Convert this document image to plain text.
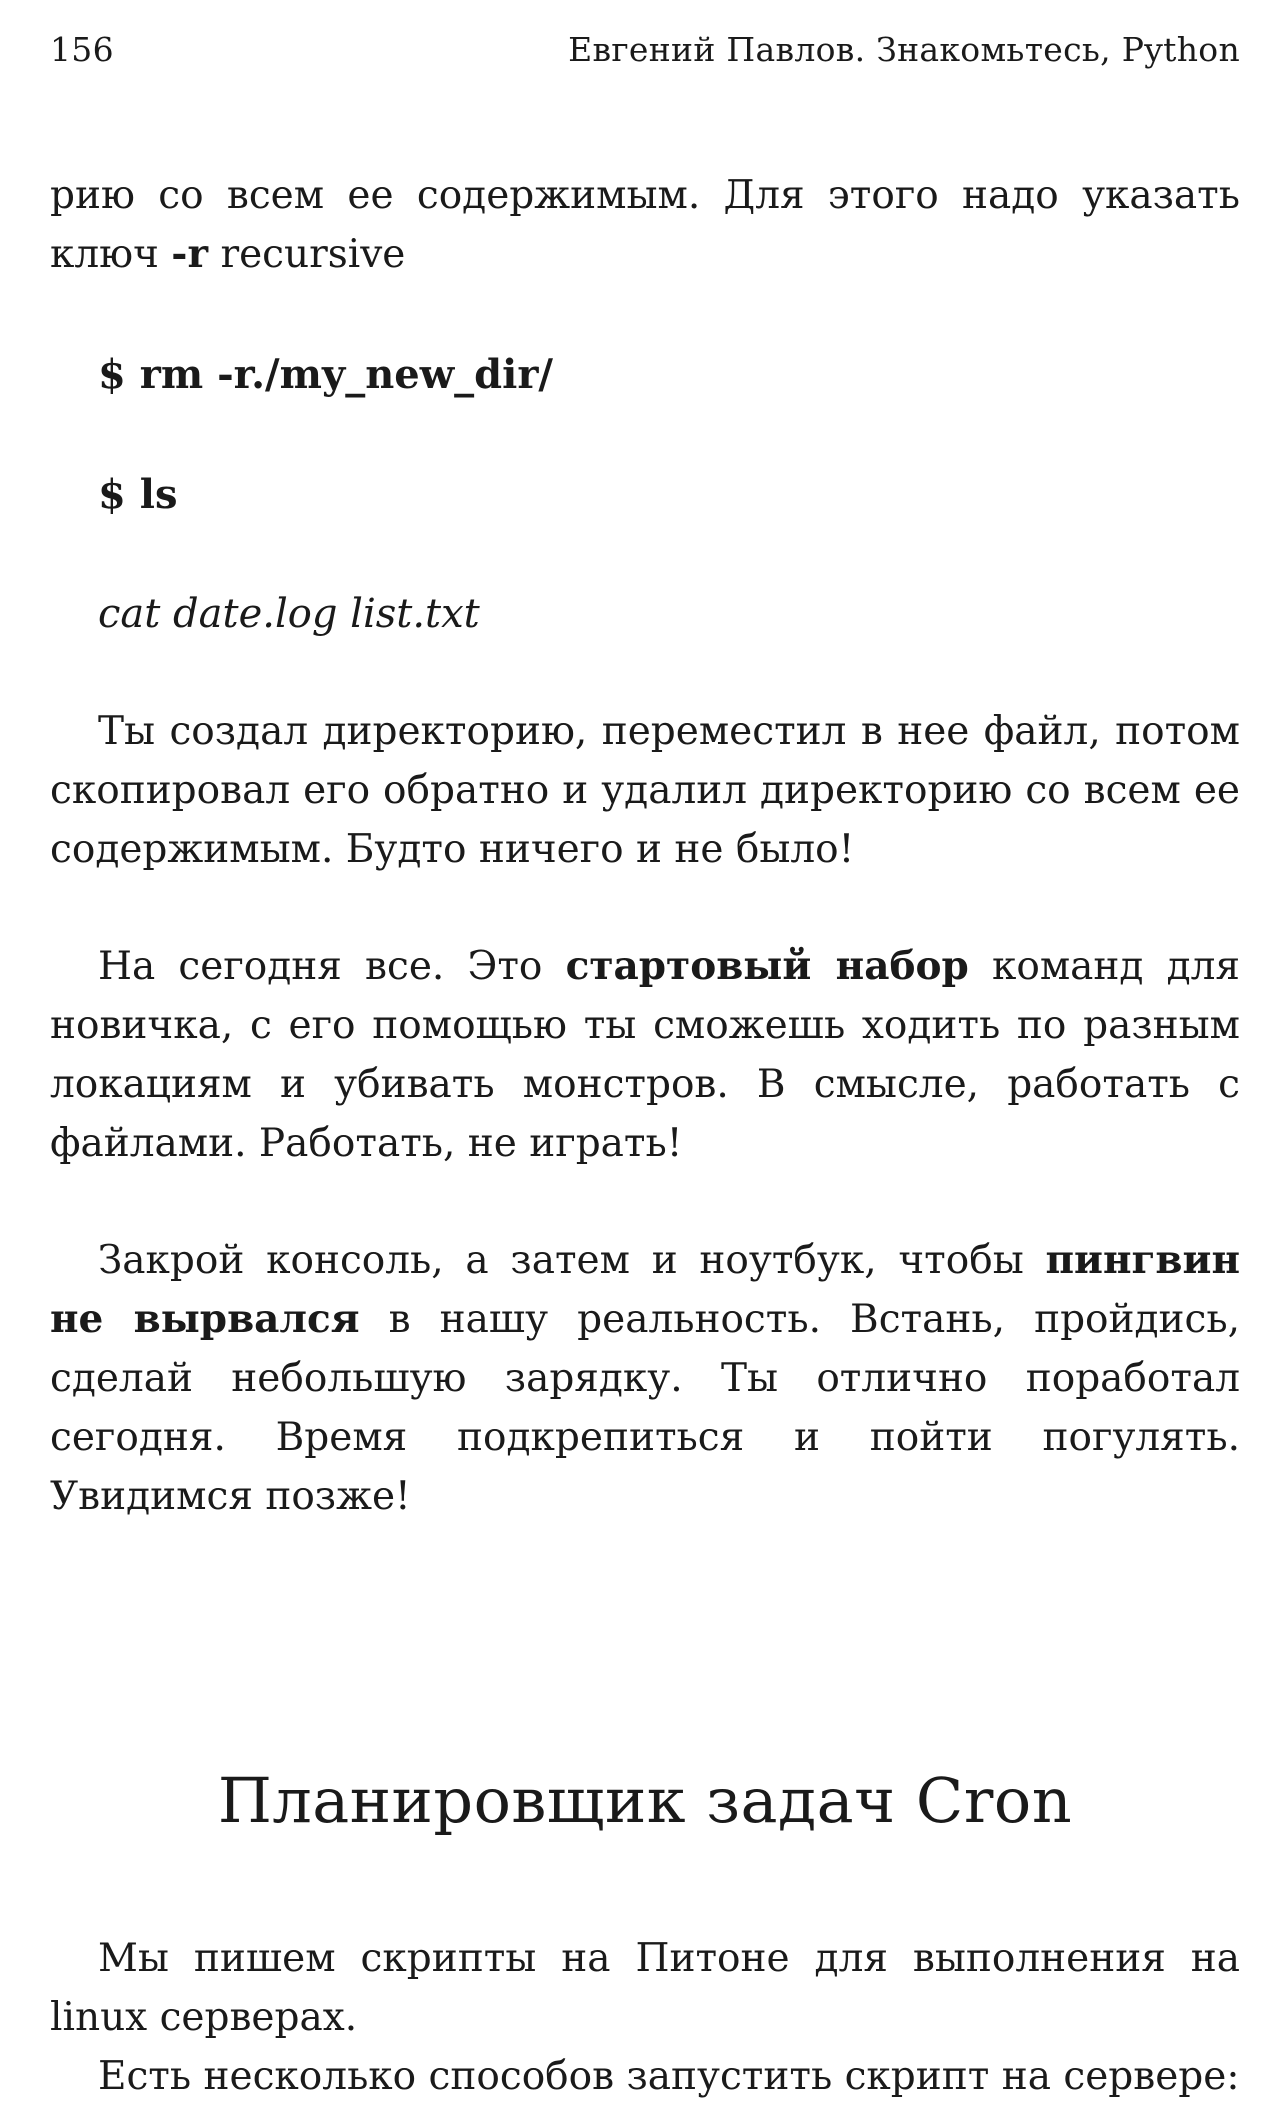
156	Евгений Павлов. Знакомьтесь, Python

рию со всем ее содержимым. Для этого надо указать ключ -r recursive

$ rm -r./my_new_dir/

$ ls

cat date.log list.txt

Ты создал директорию, переместил в нее файл, потом скопировал его обратно и удалил директорию со всем ее содержимым. Будто ничего и не было!

На сегодня все. Это стартовый набор команд для новичка, с его помощью ты сможешь ходить по разным локациям и убивать монстров. В смысле, работать с файлами. Работать, не играть!

Закрой консоль, а затем и ноутбук, чтобы пингвин не вырвался в нашу реальность. Встань, пройдись, сделай небольшую зарядку. Ты отлично поработал сегодня. Время подкрепиться и пойти погулять. Увидимся позже!

Планировщик задач Cron

Мы пишем скрипты на Питоне для выполнения на linux серверах.

Есть несколько способов запустить скрипт на сервере:
